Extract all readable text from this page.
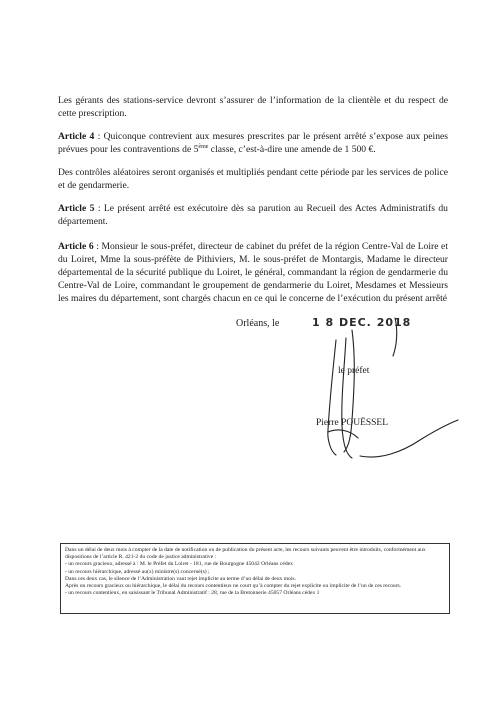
Les gérants des stations-service devront s’assurer de l’information de la clientèle et du respect de cette prescription.
Article 4 : Quiconque contrevient aux mesures prescrites par le présent arrêté s’expose aux peines prévues pour les contraventions de 5ème classe, c’est-à-dire une amende de 1 500 €.
Des contrôles aléatoires seront organisés et multipliés pendant cette période par les services de police et de gendarmerie.
Article 5 : Le présent arrêté est exécutoire dès sa parution au Recueil des Actes Administratifs du département.
Article 6 : Monsieur le sous-préfet, directeur de cabinet du préfet de la région Centre-Val de Loire et du Loiret, Mme la sous-préfète de Pithiviers, M. le sous-préfet de Montargis, Madame le directeur départemental de la sécurité publique du Loiret, le général, commandant la région de gendarmerie du Centre-Val de Loire, commandant le groupement de gendarmerie du Loiret, Mesdames et Messieurs les maires du département, sont chargés chacun en ce qui le concerne de l’exécution du présent arrêté
Orléans, le	1 8 DEC. 2018
le préfet
Pierre POUËSSEL

Dans un délai de deux mois à compter de la date de notification ou de publication du présent acte, les recours suivants peuvent être introduits, conformément aux dispositions de l’article R. 421-2 du code de justice administrative :

- un recours gracieux, adressé à : M. le Préfet du Loiret - 181, rue de Bourgogne 45042 Orléans cédex

- un recours hiérarchique, adressé au(x) ministre(s) concerné(s) ;

Dans ces deux cas, le silence de l’Administration vaut rejet implicite au terme d’un délai de deux mois.

Après un recours gracieux ou hiérarchique, le délai du recours contentieux ne court qu’à compter du rejet explicite ou implicite de l’un de ces recours.

- un recours contentieux, en saisissant le Tribunal Administratif : 28, rue de la Bretonnerie 45057 Orléans cédex 1
